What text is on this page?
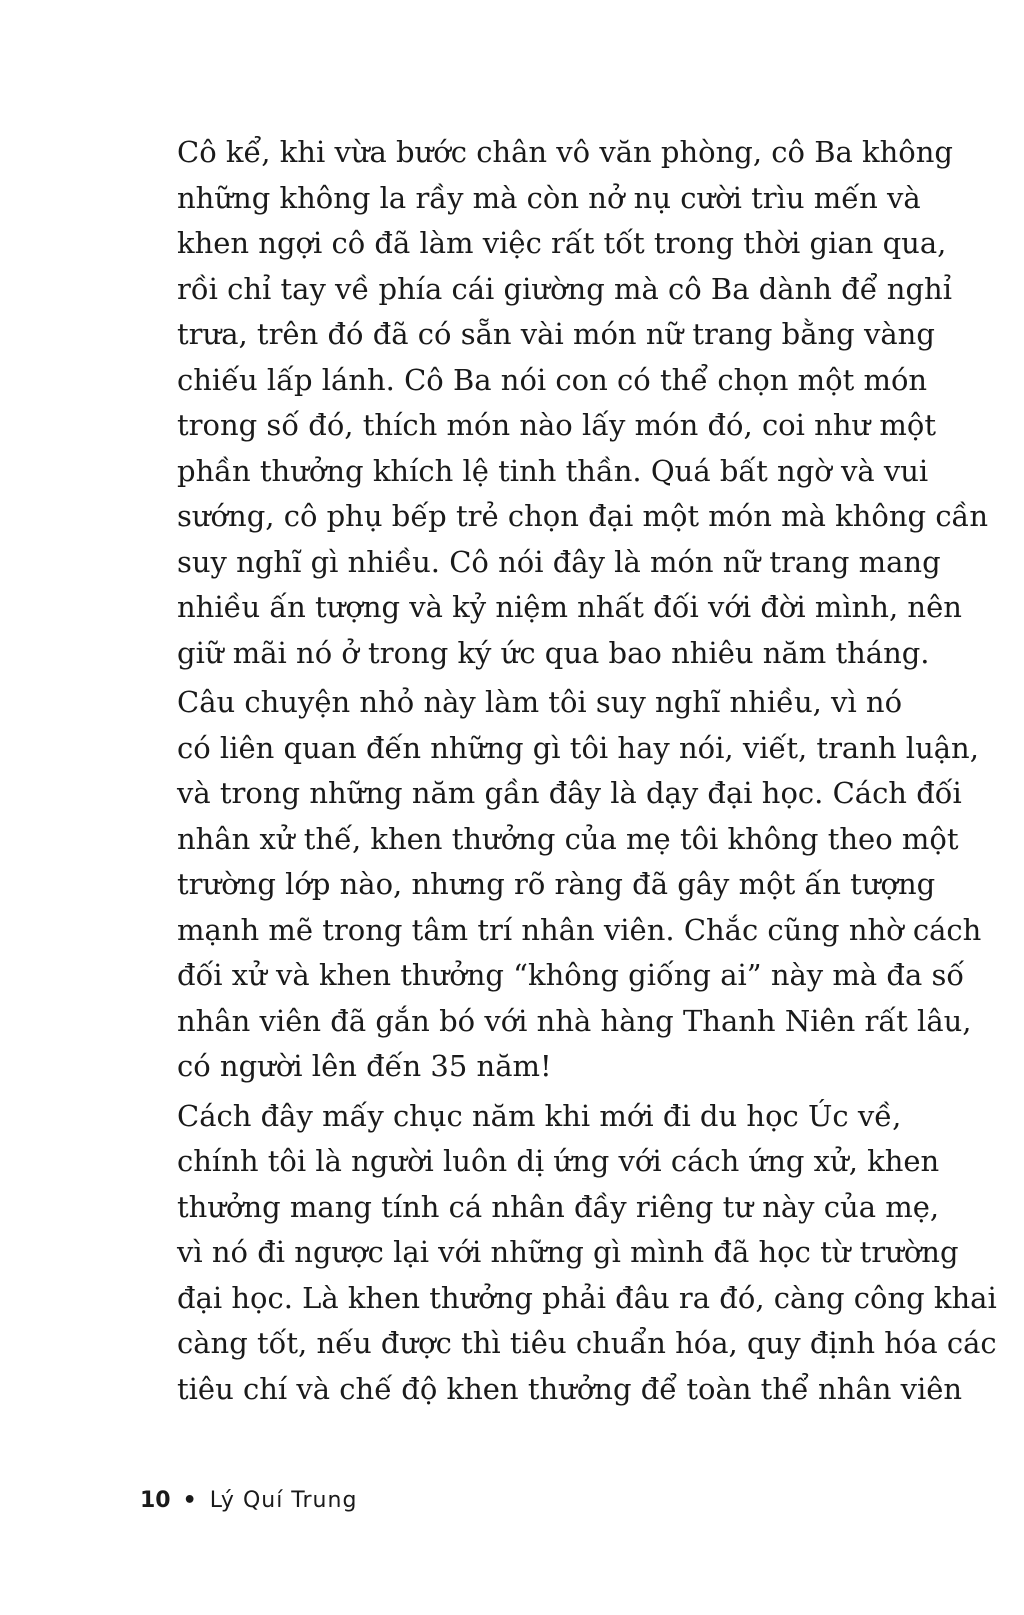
Cô kể, khi vừa bước chân vô văn phòng, cô Ba không
những không la rầy mà còn nở nụ cười trìu mến và
khen ngợi cô đã làm việc rất tốt trong thời gian qua,
rồi chỉ tay về phía cái giường mà cô Ba dành để nghỉ
trưa, trên đó đã có sẵn vài món nữ trang bằng vàng
chiếu lấp lánh. Cô Ba nói con có thể chọn một món
trong số đó, thích món nào lấy món đó, coi như một
phần thưởng khích lệ tinh thần. Quá bất ngờ và vui
sướng, cô phụ bếp trẻ chọn đại một món mà không cần
suy nghĩ gì nhiều. Cô nói đây là món nữ trang mang
nhiều ấn tượng và kỷ niệm nhất đối với đời mình, nên
giữ mãi nó ở trong ký ức qua bao nhiêu năm tháng.

Câu chuyện nhỏ này làm tôi suy nghĩ nhiều, vì nó
có liên quan đến những gì tôi hay nói, viết, tranh luận,
và trong những năm gần đây là dạy đại học. Cách đối
nhân xử thế, khen thưởng của mẹ tôi không theo một
trường lớp nào, nhưng rõ ràng đã gây một ấn tượng
mạnh mẽ trong tâm trí nhân viên. Chắc cũng nhờ cách
đối xử và khen thưởng “không giống ai” này mà đa số
nhân viên đã gắn bó với nhà hàng Thanh Niên rất lâu,
có người lên đến 35 năm!

Cách đây mấy chục năm khi mới đi du học Úc về,
chính tôi là người luôn dị ứng với cách ứng xử, khen
thưởng mang tính cá nhân đầy riêng tư này của mẹ,
vì nó đi ngược lại với những gì mình đã học từ trường
đại học. Là khen thưởng phải đâu ra đó, càng công khai
càng tốt, nếu được thì tiêu chuẩn hóa, quy định hóa các
tiêu chí và chế độ khen thưởng để toàn thể nhân viên

10 • Lý Quí Trung
